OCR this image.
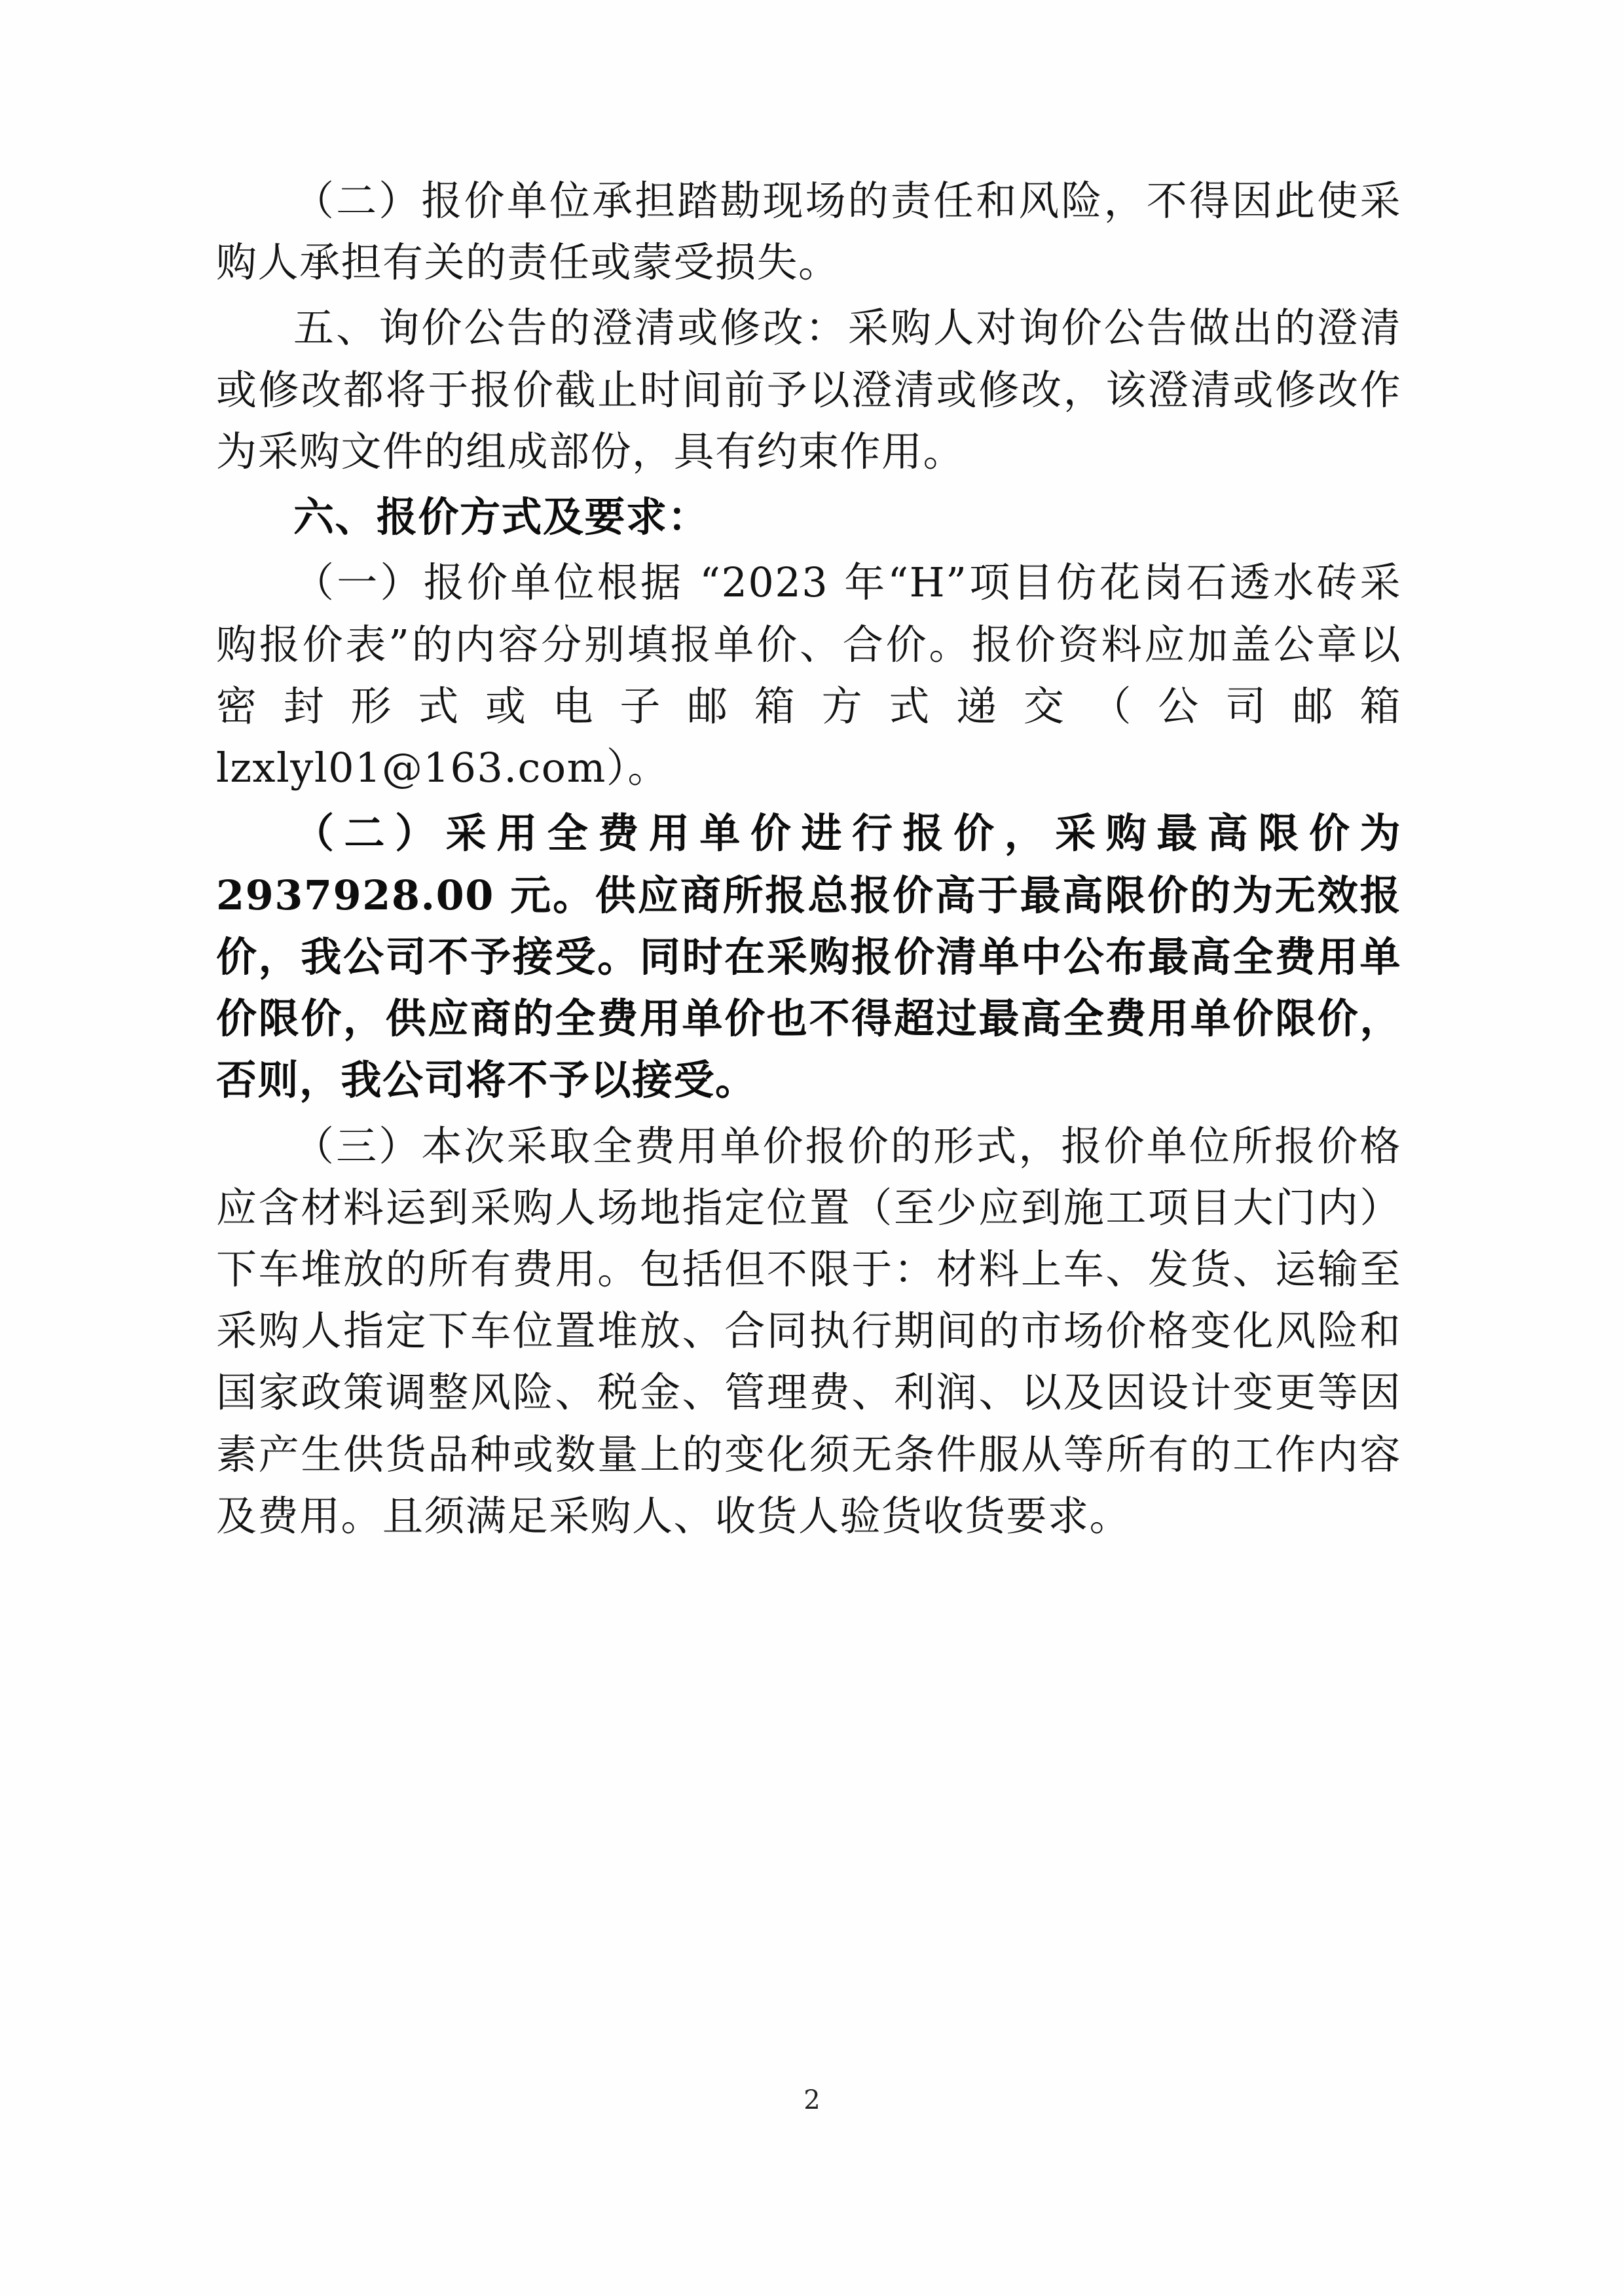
（二）报价单位承担踏勘现场的责任和风险，不得因此使采购人承担有关的责任或蒙受损失。

五、询价公告的澄清或修改：采购人对询价公告做出的澄清或修改都将于报价截止时间前予以澄清或修改，该澄清或修改作为采购文件的组成部份，具有约束作用。

六、报价方式及要求：

（一）报价单位根据 “2023 年“H”项目仿花岗石透水砖采购报价表”的内容分别填报单价、合价。报价资料应加盖公章以密封形式或电子邮箱方式递交（公司邮箱 lzxlyl01@163.com）。

（二）采用全费用单价进行报价，采购最高限价为 2937928.00 元。供应商所报总报价高于最高限价的为无效报价，我公司不予接受。同时在采购报价清单中公布最高全费用单价限价，供应商的全费用单价也不得超过最高全费用单价限价，否则，我公司将不予以接受。

（三）本次采取全费用单价报价的形式，报价单位所报价格应含材料运到采购人场地指定位置（至少应到施工项目大门内）下车堆放的所有费用。包括但不限于：材料上车、发货、运输至采购人指定下车位置堆放、合同执行期间的市场价格变化风险和国家政策调整风险、税金、管理费、利润、以及因设计变更等因素产生供货品种或数量上的变化须无条件服从等所有的工作内容及费用。且须满足采购人、收货人验货收货要求。

2
